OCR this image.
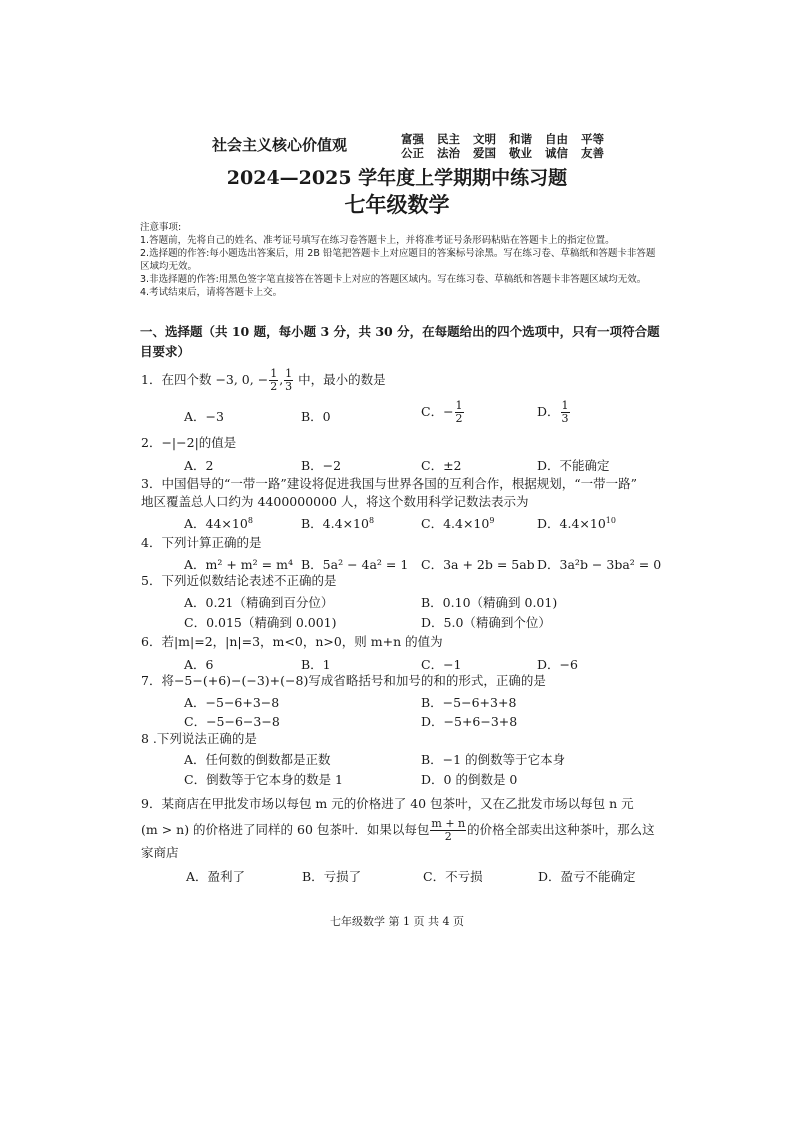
社会主义核心价值观	富强 民主 文明 和谐 自由 平等
公正 法治 爱国 敬业 诚信 友善
2024—2025 学年度上学期期中练习题
七年级数学
注意事项:
1.答题前，先将自己的姓名、准考证号填写在练习卷答题卡上，并将准考证号条形码粘贴在答题卡上的指定位置。
2.选择题的作答:每小题选出答案后，用 2B 铅笔把答题卡上对应题目的答案标号涂黑。写在练习卷、草稿纸和答题卡非答题区域均无效。
3.非选择题的作答:用黑色签字笔直接答在答题卡上对应的答题区域内。写在练习卷、草稿纸和答题卡非答题区域均无效。
4.考试结束后，请将答题卡上交。
一、选择题（共 10 题，每小题 3 分，共 30 分，在每题给出的四个选项中，只有一项符合题目要求）
1．在四个数 −3, 0, − $\frac{1}{2}$ , $\frac{1}{3}$ 中，最小的数是
A．−3	B．0	C．− $\frac{1}{2}$	D． $\frac{1}{3}$
2．−|−2|的值是
A．2	B．−2	C．±2	D．不能确定
3．中国倡导的“一带一路”建设将促进我国与世界各国的互利合作，根据规划，“一带一路”
地区覆盖总人口约为 4400000000 人，将这个数用科学记数法表示为
A．$44\times 10^8$	B．$4.4\times 10^8$	C．$4.4\times 10^9$	D．$4.4\times 10^{10}$
4．下列计算正确的是
A．m² + m² = m⁴ B．5a² − 4a² = 1 C．3a + 2b = 5ab D．3a²b − 3ba² = 0
5．下列近似数结论表述不正确的是
A．0.21（精确到百分位）	B．0.10（精确到 0.01)
C．0.015（精确到 0.001)	D．5.0（精确到个位）
6．若|m|=2，|n|=3，m<0，n>0，则 m+n 的值为
A．6	B．1	C．−1	D．−6
7．将−5−(+6)−(−3)+(−8)写成省略括号和加号的和的形式，正确的是
A．−5−6+3−8	B．−5−6+3+8
C．−5−6−3−8	D．−5+6−3+8
8 .下列说法正确的是
A．任何数的倒数都是正数	B．−1 的倒数等于它本身
C．倒数等于它本身的数是 1	D．0 的倒数是 0
9．某商店在甲批发市场以每包 m 元的价格进了 40 包茶叶，又在乙批发市场以每包 n 元
(m > n) 的价格进了同样的 60 包茶叶．如果以每包 $\frac{m + n}{2}$ 的价格全部卖出这种茶叶，那么这
家商店
A．盈利了	B．亏损了	C．不亏损	D．盈亏不能确定
七年级数学 第 1 页 共 4 页
